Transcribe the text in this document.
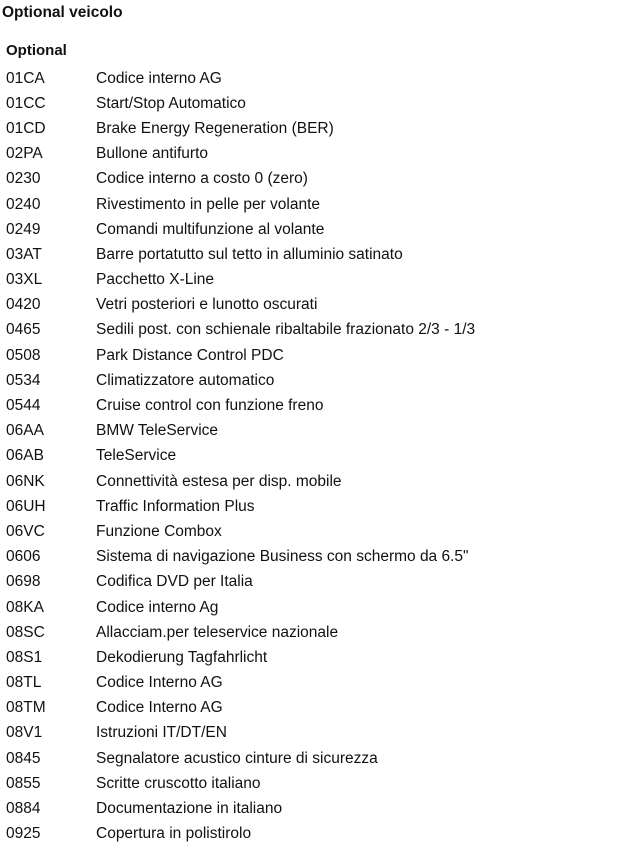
Optional veicolo
Optional
01CA	Codice interno AG
01CC	Start/Stop Automatico
01CD	Brake Energy Regeneration (BER)
02PA	Bullone antifurto
0230	Codice interno a costo 0 (zero)
0240	Rivestimento in pelle per volante
0249	Comandi multifunzione al volante
03AT	Barre portatutto sul tetto in alluminio satinato
03XL	Pacchetto X-Line
0420	Vetri posteriori e lunotto oscurati
0465	Sedili post. con schienale ribaltabile frazionato 2/3 - 1/3
0508	Park Distance Control PDC
0534	Climatizzatore automatico
0544	Cruise control con funzione freno
06AA	BMW TeleService
06AB	TeleService
06NK	Connettività estesa per disp. mobile
06UH	Traffic Information Plus
06VC	Funzione Combox
0606	Sistema di navigazione Business con schermo da 6.5"
0698	Codifica DVD per Italia
08KA	Codice interno Ag
08SC	Allacciam.per teleservice nazionale
08S1	Dekodierung Tagfahrlicht
08TL	Codice Interno AG
08TM	Codice Interno AG
08V1	Istruzioni IT/DT/EN
0845	Segnalatore acustico cinture di sicurezza
0855	Scritte cruscotto italiano
0884	Documentazione in italiano
0925	Copertura in polistirolo
